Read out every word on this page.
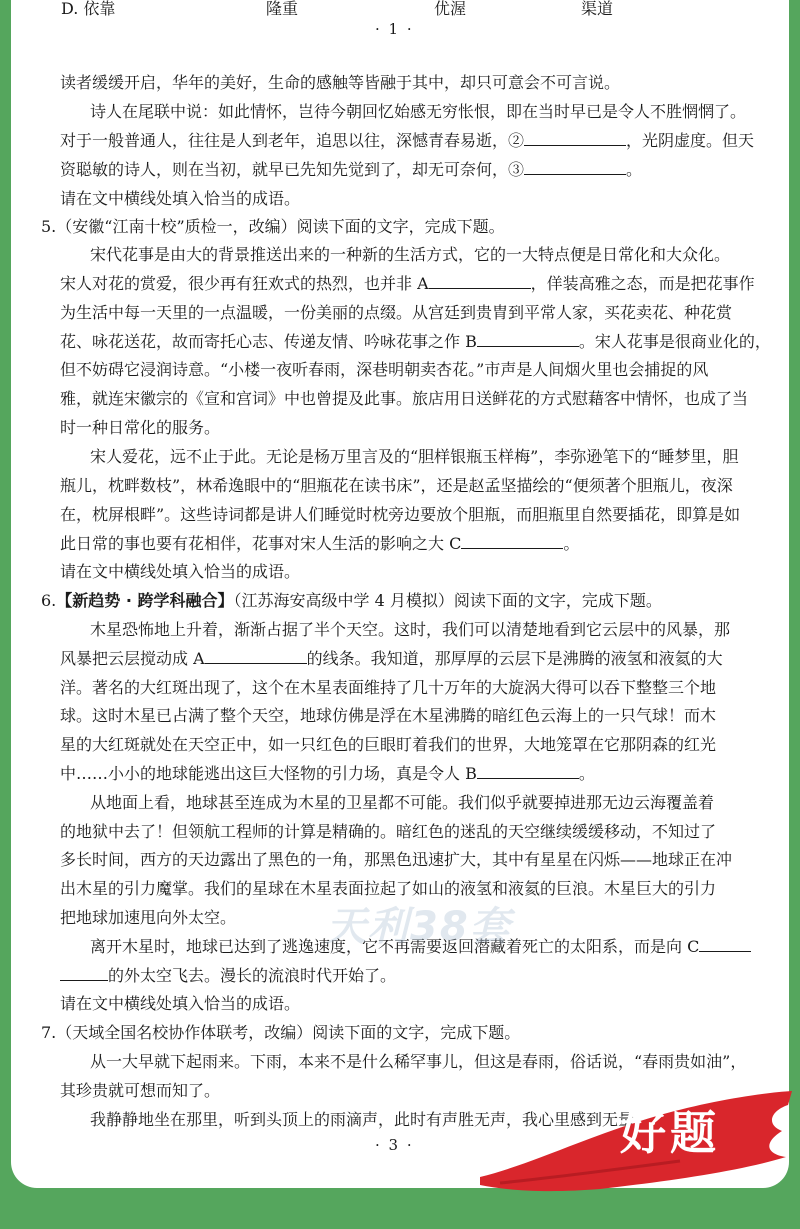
D. 依靠	隆重	优渥	渠道
· 1 ·
读者缓缓开启，华年的美好，生命的感触等皆融于其中，却只可意会不可言说。
诗人在尾联中说：如此情怀，岂待今朝回忆始感无穷怅恨，即在当时早已是令人不胜惘惘了。
对于一般普通人，往往是人到老年，追思以往，深憾青春易逝，②	，光阴虚度。但天
资聪敏的诗人，则在当初，就早已先知先觉到了，却无可奈何，③	。
请在文中横线处填入恰当的成语。
5.（安徽“江南十校”质检一，改编）阅读下面的文字，完成下题。
宋代花事是由大的背景推送出来的一种新的生活方式，它的一大特点便是日常化和大众化。
宋人对花的赏爱，很少再有狂欢式的热烈，也并非 A	，佯装高雅之态，而是把花事作
为生活中每一天里的一点温暖，一份美丽的点缀。从宫廷到贵胄到平常人家，买花卖花、种花赏
花、咏花送花，故而寄托心志、传递友情、吟咏花事之作 B	。宋人花事是很商业化的，
但不妨碍它浸润诗意。“小楼一夜听春雨，深巷明朝卖杏花。”市声是人间烟火里也会捕捉的风
雅，就连宋徽宗的《宣和宫词》中也曾提及此事。旅店用日送鲜花的方式慰藉客中情怀，也成了当
时一种日常化的服务。
宋人爱花，远不止于此。无论是杨万里言及的“胆样银瓶玉样梅”，李弥逊笔下的“睡梦里，胆
瓶儿，枕畔数枝”，林希逸眼中的“胆瓶花在读书床”，还是赵孟坚描绘的“便须著个胆瓶儿，夜深
在，枕屏根畔”。这些诗词都是讲人们睡觉时枕旁边要放个胆瓶，而胆瓶里自然要插花，即算是如
此日常的事也要有花相伴，花事对宋人生活的影响之大 C	。
请在文中横线处填入恰当的成语。
6.【新趋势 · 跨学科融合】（江苏海安高级中学 4 月模拟）阅读下面的文字，完成下题。
木星恐怖地上升着，渐渐占据了半个天空。这时，我们可以清楚地看到它云层中的风暴，那
风暴把云层搅动成 A	的线条。我知道，那厚厚的云层下是沸腾的液氢和液氦的大
洋。著名的大红斑出现了，这个在木星表面维持了几十万年的大旋涡大得可以吞下整整三个地
球。这时木星已占满了整个天空，地球仿佛是浮在木星沸腾的暗红色云海上的一只气球！而木
星的大红斑就处在天空正中，如一只红色的巨眼盯着我们的世界，大地笼罩在它那阴森的红光
中……小小的地球能逃出这巨大怪物的引力场，真是令人 B	。
从地面上看，地球甚至连成为木星的卫星都不可能。我们似乎就要掉进那无边云海覆盖着
的地狱中去了！但领航工程师的计算是精确的。暗红色的迷乱的天空继续缓缓移动，不知过了
多长时间，西方的天边露出了黑色的一角，那黑色迅速扩大，其中有星星在闪烁——地球正在冲
出木星的引力魔掌。我们的星球在木星表面拉起了如山的液氢和液氦的巨浪。木星巨大的引力
把地球加速甩向外太空。
离开木星时，地球已达到了逃逸速度，它不再需要返回潜藏着死亡的太阳系，而是向 C
的外太空飞去。漫长的流浪时代开始了。
请在文中横线处填入恰当的成语。
7.（天域全国名校协作体联考，改编）阅读下面的文字，完成下题。
从一大早就下起雨来。下雨，本来不是什么稀罕事儿，但这是春雨，俗话说，“春雨贵如油”，
其珍贵就可想而知了。
我静静地坐在那里，听到头顶上的雨滴声，此时有声胜无声，我心里感到无量
· 3 ·
天利38套
好题
